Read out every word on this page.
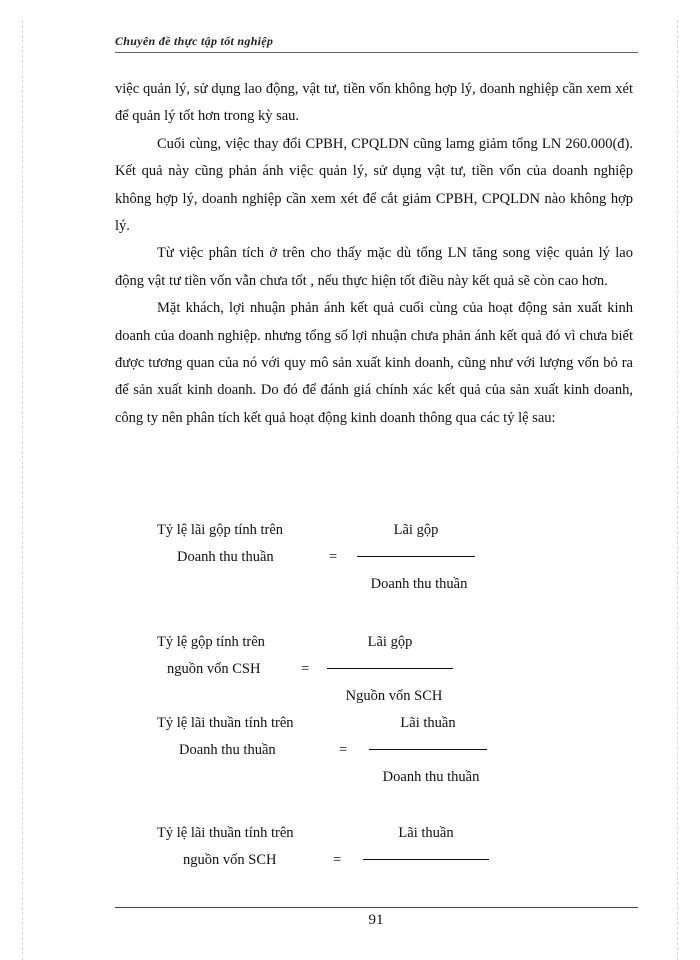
Chuyên đề thực tập tốt nghiệp

việc quản lý, sử dụng lao động, vật tư, tiền vốn không hợp lý, doanh nghiệp cần xem xét để quản lý tốt hơn trong kỳ sau.

Cuối cùng, việc thay đổi CPBH, CPQLDN cũng lamg giảm tổng LN 260.000(đ). Kết quả này cũng phản ánh việc quản lý, sử dụng vật tư, tiền vốn của doanh nghiệp không hợp lý, doanh nghiệp cần xem xét để cắt giảm CPBH, CPQLDN nào không hợp lý.

Từ việc phân tích ở trên cho thấy mặc dù tổng LN tăng song việc quản lý lao động vật tư tiền vốn vẫn chưa tốt , nếu thực hiện tốt điều này kết quả sẽ còn cao hơn.

Mặt khách, lợi nhuận phản ánh kết quả cuối cùng của hoạt động sản xuất kinh doanh của doanh nghiệp. nhưng tổng số lợi nhuận chưa phản ánh kết quả đó vì chưa biết được tương quan của nó với quy mô sản xuất kinh doanh, cũng như với lượng vốn bỏ ra để sản xuất kinh doanh. Do đó để đánh giá chính xác kết quả của sản xuất kinh doanh, công ty nên phân tích kết quả hoạt động kinh doanh thông qua các tỷ lệ sau:

Tỷ lệ lãi gộp tính trên
Doanh thu thuần	=
Lãi gộp
Doanh thu thuần
Tỷ lệ gộp tính trên
nguồn vốn CSH	=
Lãi gộp
Nguồn vốn SCH
Tỷ lệ lãi thuần tính trên
Doanh thu thuần	=
Lãi thuần
Doanh thu thuần
Tỷ lệ lãi thuần tính trên
nguồn vốn SCH	=
Lãi thuần
91
